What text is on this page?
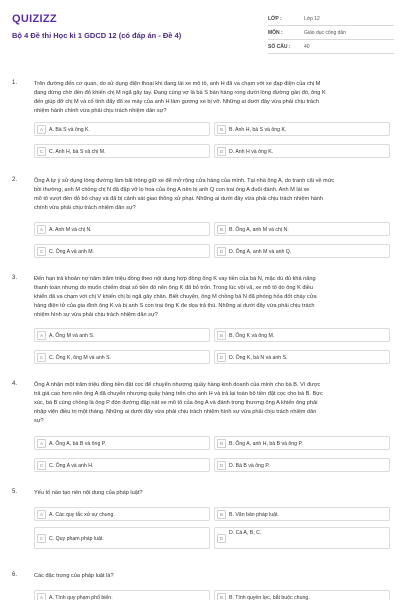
QUIZIZZ
Bộ 4 Đề thi Học kì 1 GDCD 12 (có đáp án - Đề 4)
LỚP :	Lớp 12
MÔN :	Giáo dục công dân
SỐ CÂU :	40
1.	Trên đường đến cơ quan, do sử dụng điện thoại khi đang lái xe mô tô, anh H đã va chạm với xe đạp điện của chị M
đang dừng chờ đèn đỏ khiến chị M ngã gãy tay. Đang cùng vợ là bà S bán hàng rong dưới lòng đường gần đó, ông K
đến giúp đỡ chị M và cố tình đẩy đổ xe máy của anh H làm gương xe bị vỡ. Những ai dưới đây vừa phải chịu trách
nhiệm hành chính vừa phải chịu trách nhiệm dân sự?
A	A. Bà S và ông K.	B	B. Anh H, bà S và ông K.
C	C. Anh H, bà S và chị M.	D	D. Anh H và ông K.
2.	Ông A tự ý sử dụng lòng đường làm bãi trông giữ xe để mở rộng cửa hàng của mình. Tại nhà ông A, do tranh cãi về mức
bồi thường, anh M chồng chị N đã đập vỡ lọ hoa của ông A nên bị anh Q con trai ông A đuổi đánh. Anh M lái xe
mô tô vượt đèn đỏ bỏ chạy và đã bị cảnh sát giao thông xử phạt. Những ai dưới đây vừa phải chịu trách nhiệm hành
chính vừa phải chịu trách nhiệm dân sự?
A	A. Anh M và chị N.	B	B. Ông A, anh M và chị N.
C	C. Ông A và anh M.	D	D. Ông A, anh M và anh Q.
3.	Đến hạn trả khoản nợ năm trăm triệu đồng theo nội dung hợp đồng ông K vay tiền của bà N, mặc dù đủ khả năng
thanh toán nhưng do muốn chiếm đoạt số tiền đó nên ông K đã bỏ trốn. Trong lúc vội vã, xe mô tô do ông K điều
khiển đã va chạm với chị V khiến chị bị ngã gãy chân. Biết chuyện, ông M chồng bà N đã phóng hỏa đốt cháy cửa
hàng điện tử của gia đình ông K và bị anh S con trai ông K đe dọa trả thù. Những ai dưới đây vừa phải chịu trách
nhiệm hình sự vừa phải chịu trách nhiệm dân sự?
A	A. Ông M và anh S.	B	B. Ông K và ông M.
C	C. Ông K, ông M và anh S.	D	D. Ông K, bà N và anh S.
4.	Ông A nhận một trăm triệu đồng tiền đặt cọc để chuyển nhượng quầy hàng kinh doanh của mình cho bà B. Vì được
trả giá cao hơn nên ông A đã chuyển nhượng quầy hàng trên cho anh H và trả lại toàn bộ tiền đặt cọc cho bà B. Bực
xúc, bà B cùng chồng là ông P đón đường đập nát xe mô tô của ông A và đánh trọng thương ông A khiến ông phải
nhập viện điều trị một tháng. Những ai dưới đây vừa phải chịu trách nhiệm hình sự vừa phải chịu trách nhiệm dân
sự?
A	A. Ông A, bà B và ông P.	B	B. Ông A, anh H, bà B và ông P.
C	C. Ông A và anh H.	D	D. Bà B và ông P.
5.	Yếu tố nào tạo nên nội dung của pháp luật?
A	A. Các quy tắc xử sự chung.	B	B. Văn bản pháp luật.
C	C. Quy phạm pháp luật.	D
D. Cả A, B, C.
6.	Các đặc trưng của pháp luật là?
A	A. Tính quy phạm phổ biến.	B	B. Tính quyền lực, bắt buộc chung.
